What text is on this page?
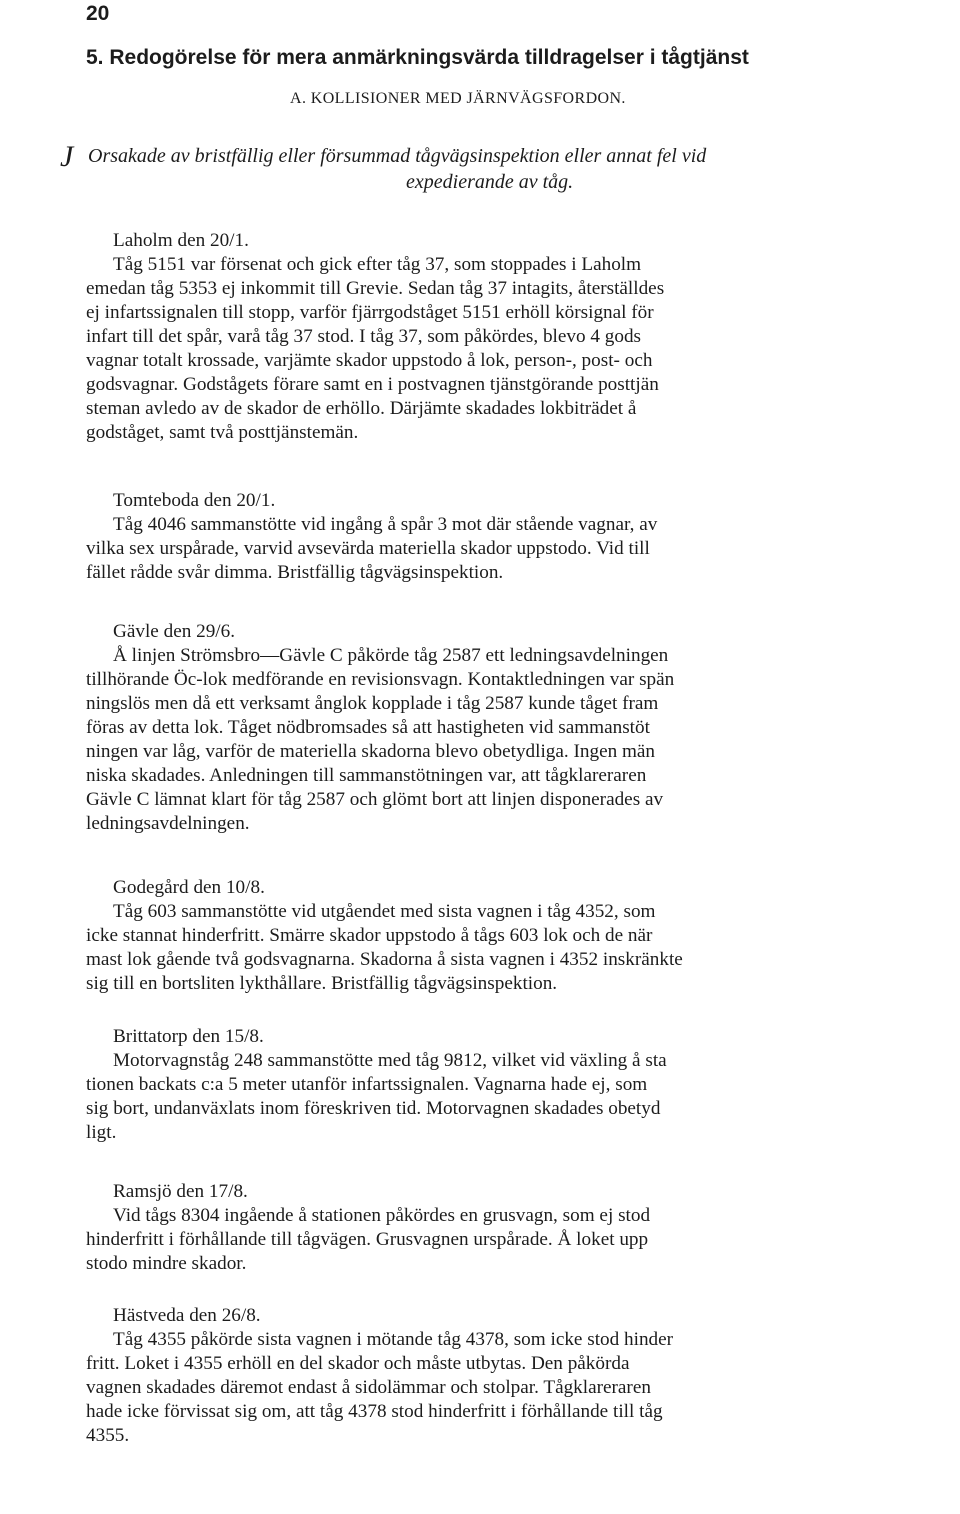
20
5. Redogörelse för mera anmärkningsvärda tilldragelser i tågtjänst
A. KOLLISIONER MED JÄRNVÄGSFORDON.
J Orsakade av bristfällig eller försummad tågvägsinspektion eller annat fel vid
expedierande av tåg.
Laholm den 20/1.
Tåg 5151 var försenat och gick efter tåg 37, som stoppades i Laholm
emedan tåg 5353 ej inkommit till Grevie. Sedan tåg 37 intagits, återställdes
ej infartssignalen till stopp, varför fjärrgodståget 5151 erhöll körsignal för
infart till det spår, varå tåg 37 stod. I tåg 37, som påkördes, blevo 4 gods
vagnar totalt krossade, varjämte skador uppstodo å lok, person-, post- och
godsvagnar. Godstågets förare samt en i postvagnen tjänstgörande posttjän
steman avledo av de skador de erhöllo. Därjämte skadades lokbiträdet å
godståget, samt två posttjänstemän.
Tomteboda den 20/1.
Tåg 4046 sammanstötte vid ingång å spår 3 mot där stående vagnar, av
vilka sex urspårade, varvid avsevärda materiella skador uppstodo. Vid till
fället rådde svår dimma. Bristfällig tågvägsinspektion.
Gävle den 29/6.
Å linjen Strömsbro—Gävle C påkörde tåg 2587 ett ledningsavdelningen
tillhörande Öc-lok medförande en revisionsvagn. Kontaktledningen var spän
ningslös men då ett verksamt ånglok kopplade i tåg 2587 kunde tåget fram
föras av detta lok. Tåget nödbromsades så att hastigheten vid sammanstöt
ningen var låg, varför de materiella skadorna blevo obetydliga. Ingen män
niska skadades. Anledningen till sammanstötningen var, att tågklareraren
Gävle C lämnat klart för tåg 2587 och glömt bort att linjen disponerades av
ledningsavdelningen.
Godegård den 10/8.
Tåg 603 sammanstötte vid utgåendet med sista vagnen i tåg 4352, som
icke stannat hinderfritt. Smärre skador uppstodo å tågs 603 lok och de när
mast lok gående två godsvagnarna. Skadorna å sista vagnen i 4352 inskränkte
sig till en bortsliten lykthållare. Bristfällig tågvägsinspektion.
Brittatorp den 15/8.
Motorvagnståg 248 sammanstötte med tåg 9812, vilket vid växling å sta
tionen backats c:a 5 meter utanför infartssignalen. Vagnarna hade ej, som
sig bort, undanväxlats inom föreskriven tid. Motorvagnen skadades obetyd
ligt.
Ramsjö den 17/8.
Vid tågs 8304 ingående å stationen påkördes en grusvagn, som ej stod
hinderfritt i förhållande till tågvägen. Grusvagnen urspårade. Å loket upp
stodo mindre skador.
Hästveda den 26/8.
Tåg 4355 påkörde sista vagnen i mötande tåg 4378, som icke stod hinder
fritt. Loket i 4355 erhöll en del skador och måste utbytas. Den påkörda
vagnen skadades däremot endast å sidolämmar och stolpar. Tågklareraren
hade icke förvissat sig om, att tåg 4378 stod hinderfritt i förhållande till tåg
4355.
